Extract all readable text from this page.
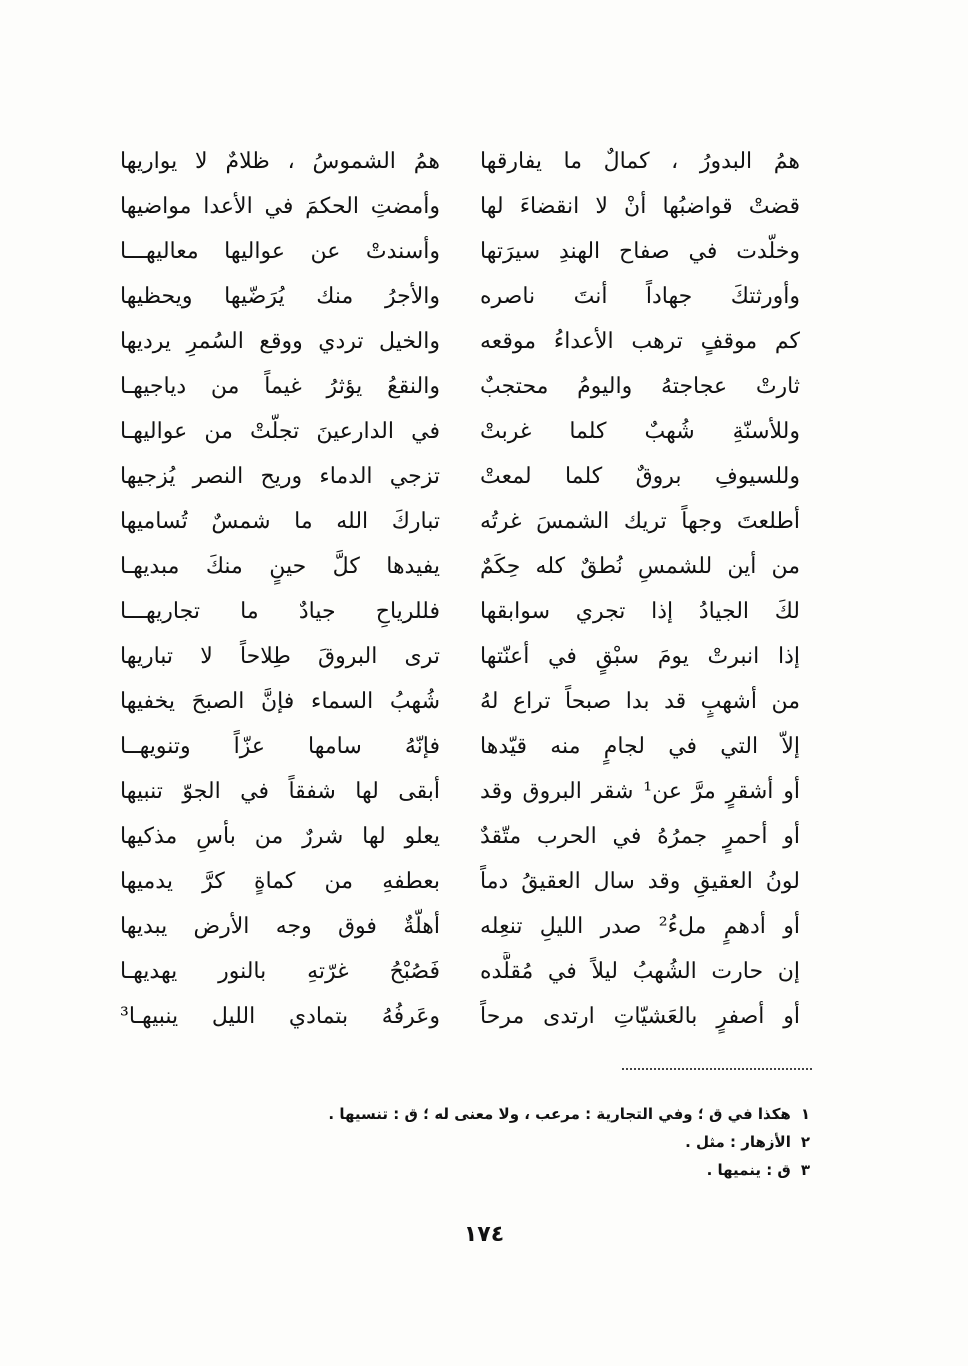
همُ البدورُ ، كمالٌ ما يفارقها
همُ الشموسُ ، ظلامٌ لا يواريها
قضتْ قواضبُها أنْ لا انقضاءَ لها
وأمضتِ الحكمَ في الأعدا مواضيها
وخلّدت في صفاح الهندِ سيرَتها
وأسندتْ عن عواليها معاليهـــا
وأورثتكَ جهاداً أنتَ ناصره
والأجرُ منك يُرَضّيها ويحظيها
كم موقفٍ ترهب الأعداءُ موقعه
والخيل تردي ووقع السُمرِ يرديها
ثارتْ عجاجتهُ واليومُ محتجبٌ
والنقعُ يؤثرُ غيماً من دياجيهـا
وللأسنّةِ شُهبٌ كلما غربتْ
في الدارعينَ تجلّتْ من عواليهـا
وللسيوفِ بروقٌ كلما لمعتْ
تزجي الدماء وريح النصر يُزجيها
أطلعتَ وجهاً تريك الشمسَ غرتُه
تباركَ الله ما شمسٌ تُساميها
من أين للشمسِ نُطقٌ كله حِكَمٌ
يفيدها كلَّ حينٍ منكَ مبديهـا
لكَ الجيادُ إذا تجري سوابقها
فللرياحِ جيادٌ ما تجاريهـــا
إذا انبرتْ يومَ سبْقٍ في أعنّتها
ترى البروقَ طِلاحاً لا تباريها
من أشهبٍ قد بدا صبحاً تراع لهُ
شُهبُ السماء فإنَّ الصبحَ يخفيها
إلاّ التي في لجامٍ منه قيّدها
فإنّهُ سامها عزّاً وتنويهــا
أو أشقرٍ مرَّ عن¹ شقر البروق وقد
أبقى لها شفقاً في الجوّ تنبيها
أو أحمرٍ جمرُهُ في الحرب متّقدٌ
يعلو لها شررٌ من بأسِ مذكيها
لونُ العقيقِ وقد سال العقيقُ دماً
بعطفهِ من كماةٍ كرَّ يدميها
أو أدهمٍ ملءُ² صدر الليلِ تنعِله
أهلّةٌ فوق وجه الأرض يبديها
إن حارت الشُهبُ ليلاً في مُقلَّده
فَصُبْحُ غرّتهِ بالنور يهديهـا
أو أصفرٍ بالعَشيّاتِ ارتدى مرحاً
وعَرفُهُ بتمادي الليل ينبيهـا³
١هكذا في ق ؛ وفي التجارية : مرعب ، ولا معنى له ؛ ق : تنسيها .
٢الأزهار : مثل .
٣ق : ينميها .
١٧٤
